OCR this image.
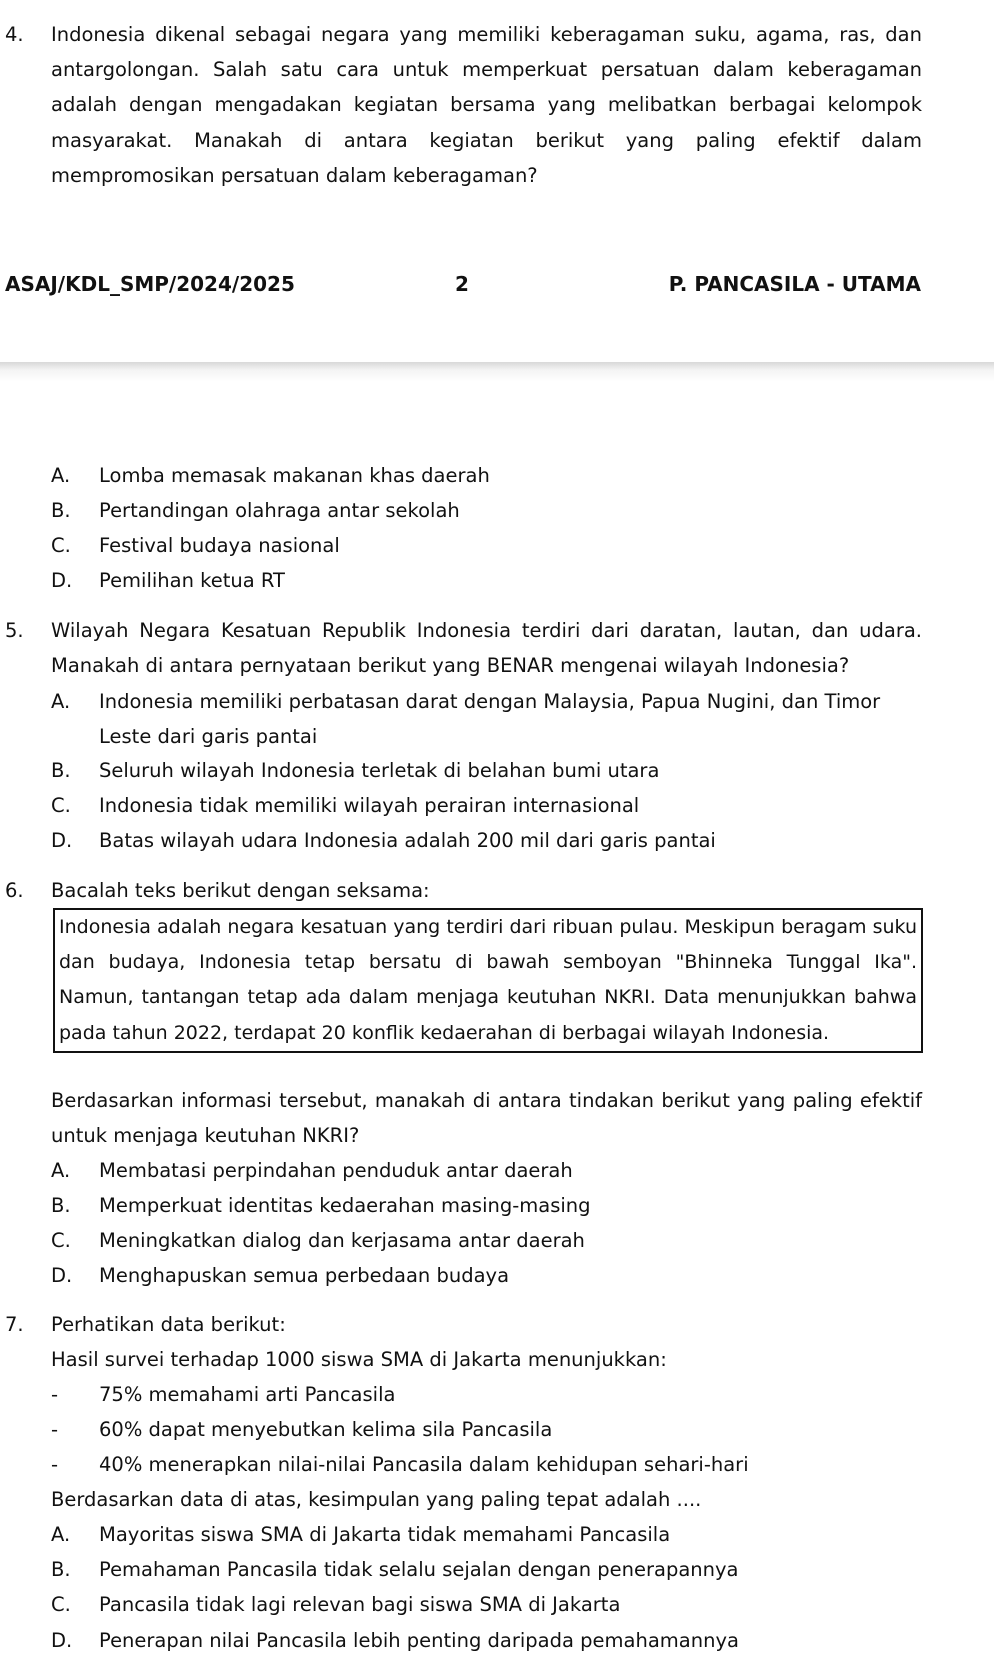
4. Indonesia dikenal sebagai negara yang memiliki keberagaman suku, agama, ras, dan antargolongan. Salah satu cara untuk memperkuat persatuan dalam keberagaman adalah dengan mengadakan kegiatan bersama yang melibatkan berbagai kelompok masyarakat. Manakah di antara kegiatan berikut yang paling efektif dalam mempromosikan persatuan dalam keberagaman?
ASAJ/KDL_SMP/2024/2025	2	P. PANCASILA - UTAMA
5. Wilayah Negara Kesatuan Republik Indonesia terdiri dari daratan, lautan, dan udara. Manakah di antara pernyataan berikut yang BENAR mengenai wilayah Indonesia?
6. Bacalah teks berikut dengan seksama:
Indonesia adalah negara kesatuan yang terdiri dari ribuan pulau. Meskipun beragam suku dan budaya, Indonesia tetap bersatu di bawah semboyan "Bhinneka Tunggal Ika". Namun, tantangan tetap ada dalam menjaga keutuhan NKRI. Data menunjukkan bahwa pada tahun 2022, terdapat 20 konflik kedaerahan di berbagai wilayah Indonesia.
Berdasarkan informasi tersebut, manakah di antara tindakan berikut yang paling efektif untuk menjaga keutuhan NKRI?
7. Perhatikan data berikut:
Hasil survei terhadap 1000 siswa SMA di Jakarta menunjukkan:
Berdasarkan data di atas, kesimpulan yang paling tepat adalah ....
A.	Lomba memasak makanan khas daerah
B.	Pertandingan olahraga antar sekolah
C.	Festival budaya nasional
D.	Pemilihan ketua RT
A.	Indonesia memiliki perbatasan darat dengan Malaysia, Papua Nugini, dan Timor Leste dari garis pantai
B.	Seluruh wilayah Indonesia terletak di belahan bumi utara
C.	Indonesia tidak memiliki wilayah perairan internasional
D.	Batas wilayah udara Indonesia adalah 200 mil dari garis pantai
A.	Membatasi perpindahan penduduk antar daerah
B.	Memperkuat identitas kedaerahan masing-masing
C.	Meningkatkan dialog dan kerjasama antar daerah
D.	Menghapuskan semua perbedaan budaya
A.	Mayoritas siswa SMA di Jakarta tidak memahami Pancasila
B.	Pemahaman Pancasila tidak selalu sejalan dengan penerapannya
C.	Pancasila tidak lagi relevan bagi siswa SMA di Jakarta
D.	Penerapan nilai Pancasila lebih penting daripada pemahamannya
- 75% memahami arti Pancasila
- 60% dapat menyebutkan kelima sila Pancasila
- 40% menerapkan nilai-nilai Pancasila dalam kehidupan sehari-hari
